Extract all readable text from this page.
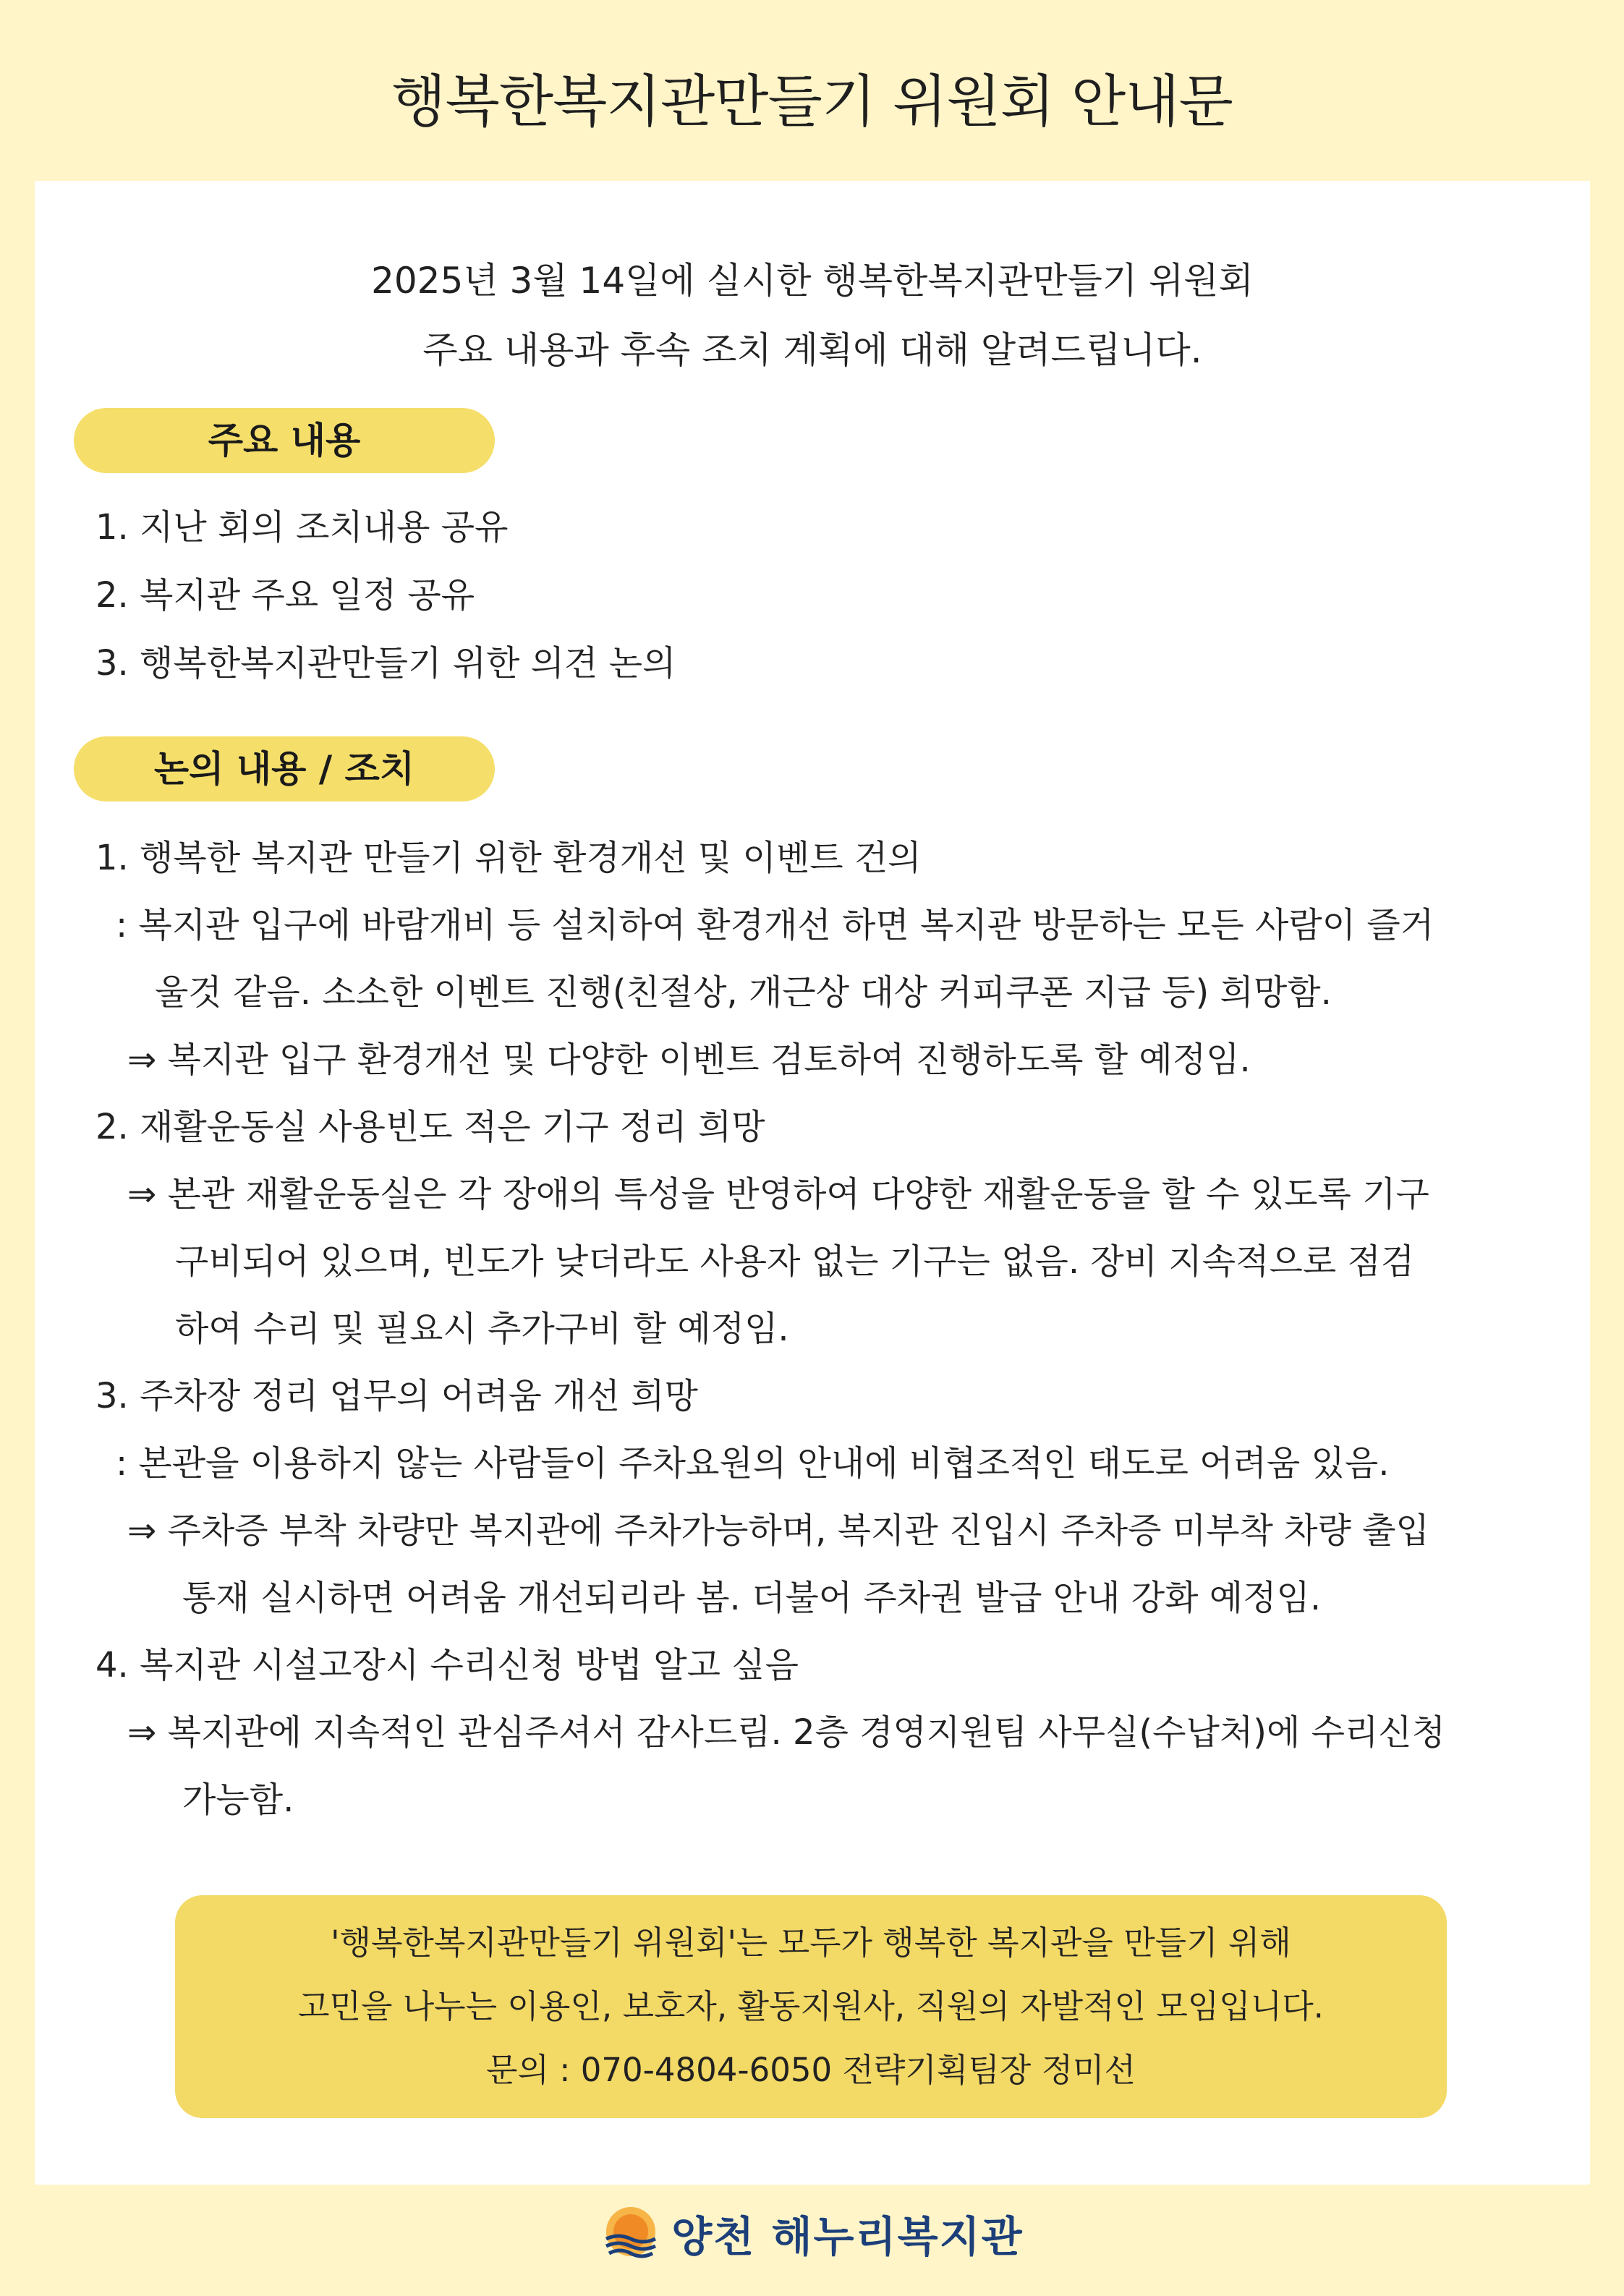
행복한복지관만들기 위원회 안내문
2025년 3월 14일에 실시한 행복한복지관만들기 위원회
주요 내용과 후속 조치 계획에 대해 알려드립니다.
주요 내용
1. 지난 회의 조치내용 공유
2. 복지관 주요 일정 공유
3. 행복한복지관만들기 위한 의견 논의
논의 내용 / 조치
1. 행복한 복지관 만들기 위한 환경개선 및 이벤트 건의
: 복지관 입구에 바람개비 등 설치하여 환경개선 하면 복지관 방문하는 모든 사람이 즐거
울것 같음. 소소한 이벤트 진행(친절상, 개근상 대상 커피쿠폰 지급 등) 희망함.
⇒ 복지관 입구 환경개선 및 다양한 이벤트 검토하여 진행하도록 할 예정임.
2. 재활운동실 사용빈도 적은 기구 정리 희망
⇒ 본관 재활운동실은 각 장애의 특성을 반영하여 다양한 재활운동을 할 수 있도록 기구
구비되어 있으며, 빈도가 낮더라도 사용자 없는 기구는 없음. 장비 지속적으로 점검
하여 수리 및 필요시 추가구비 할 예정임.
3. 주차장 정리 업무의 어려움 개선 희망
: 본관을 이용하지 않는 사람들이 주차요원의 안내에 비협조적인 태도로 어려움 있음.
⇒ 주차증 부착 차량만 복지관에 주차가능하며, 복지관 진입시 주차증 미부착 차량 출입
통재 실시하면 어려움 개선되리라 봄. 더불어 주차권 발급 안내 강화 예정임.
4. 복지관 시설고장시 수리신청 방법 알고 싶음
⇒ 복지관에 지속적인 관심주셔서 감사드림. 2층 경영지원팀 사무실(수납처)에 수리신청
가능함.
'행복한복지관만들기 위원회'는 모두가 행복한 복지관을 만들기 위해
고민을 나누는 이용인, 보호자, 활동지원사, 직원의 자발적인 모임입니다.
문의 : 070-4804-6050 전략기획팀장 정미선
양천 해누리복지관
